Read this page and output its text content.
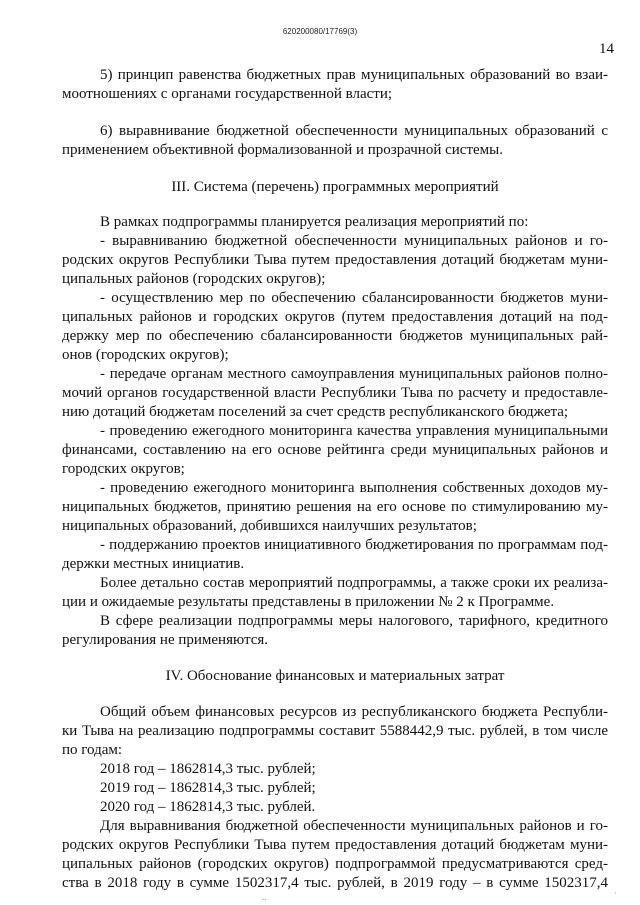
620200080/17769(3)
14
5) принцип равенства бюджетных прав муниципальных образований во взаи-
моотношениях с органами государственной власти;
6) выравнивание бюджетной обеспеченности муниципальных образований с
применением объективной формализованной и прозрачной системы.
III. Система (перечень) программных мероприятий
В рамках подпрограммы планируется реализация мероприятий по:
- выравниванию бюджетной обеспеченности муниципальных районов и го-
родских округов Республики Тыва путем предоставления дотаций бюджетам муни-
ципальных районов (городских округов);
- осуществлению мер по обеспечению сбалансированности бюджетов муни-
ципальных районов и городских округов (путем предоставления дотаций на под-
держку мер по обеспечению сбалансированности бюджетов муниципальных рай-
онов (городских округов);
- передаче органам местного самоуправления муниципальных районов полно-
мочий органов государственной власти Республики Тыва по расчету и предоставле-
нию дотаций бюджетам поселений за счет средств республиканского бюджета;
- проведению ежегодного мониторинга качества управления муниципальными
финансами, составлению на его основе рейтинга среди муниципальных районов и
городских округов;
- проведению ежегодного мониторинга выполнения собственных доходов му-
ниципальных бюджетов, принятию решения на его основе по стимулированию му-
ниципальных образований, добившихся наилучших результатов;
- поддержанию проектов инициативного бюджетирования по программам под-
держки местных инициатив.
Более детально состав мероприятий подпрограммы, а также сроки их реализа-
ции и ожидаемые результаты представлены в приложении № 2 к Программе.
В сфере реализации подпрограммы меры налогового, тарифного, кредитного
регулирования не применяются.
IV. Обоснование финансовых и материальных затрат
Общий объем финансовых ресурсов из республиканского бюджета Республи-
ки Тыва на реализацию подпрограммы составит 5588442,9 тыс. рублей, в том числе
по годам:
2018 год – 1862814,3 тыс. рублей;
2019 год – 1862814,3 тыс. рублей;
2020 год – 1862814,3 тыс. рублей.
Для выравнивания бюджетной обеспеченности муниципальных районов и го-
родских округов Республики Тыва путем предоставления дотаций бюджетам муни-
ципальных районов (городских округов) подпрограммой предусматриваются сред-
ства в 2018 году в сумме 1502317,4 тыс. рублей, в 2019 году – в сумме 1502317,4
..	·
